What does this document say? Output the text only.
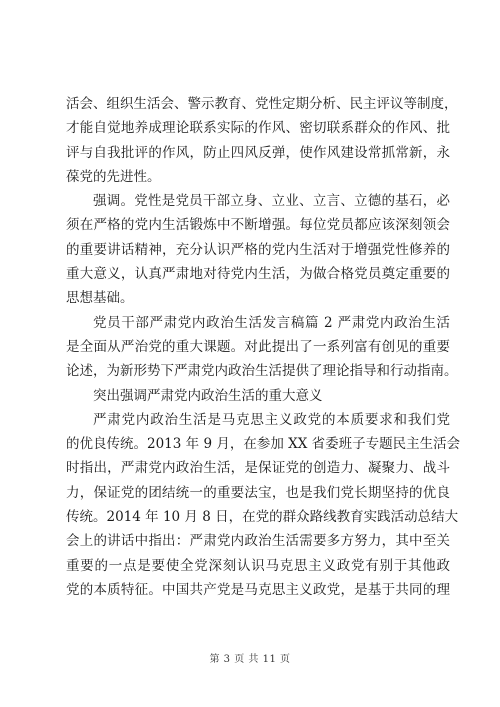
活会、组织生活会、警示教育、党性定期分析、民主评议等制度，
才能自觉地养成理论联系实际的作风、密切联系群众的作风、批
评与自我批评的作风，防止四风反弹，使作风建设常抓常新，永
葆党的先进性。
强调。党性是党员干部立身、立业、立言、立德的基石，必
须在严格的党内生活锻炼中不断增强。每位党员都应该深刻领会
的重要讲话精神，充分认识严格的党内生活对于增强党性修养的
重大意义，认真严肃地对待党内生活，为做合格党员奠定重要的
思想基础。
党员干部严肃党内政治生活发言稿篇 2 严肃党内政治生活
是全面从严治党的重大课题。对此提出了一系列富有创见的重要
论述，为新形势下严肃党内政治生活提供了理论指导和行动指南。
突出强调严肃党内政治生活的重大意义
严肃党内政治生活是马克思主义政党的本质要求和我们党
的优良传统。2013 年 9 月，在参加 XX 省委班子专题民主生活会
时指出，严肃党内政治生活，是保证党的创造力、凝聚力、战斗
力，保证党的团结统一的重要法宝，也是我们党长期坚持的优良
传统。2014 年 10 月 8 日，在党的群众路线教育实践活动总结大
会上的讲话中指出：严肃党内政治生活需要多方努力，其中至关
重要的一点是要使全党深刻认识马克思主义政党有别于其他政
党的本质特征。中国共产党是马克思主义政党，是基于共同的理
第 3 页 共 11 页
